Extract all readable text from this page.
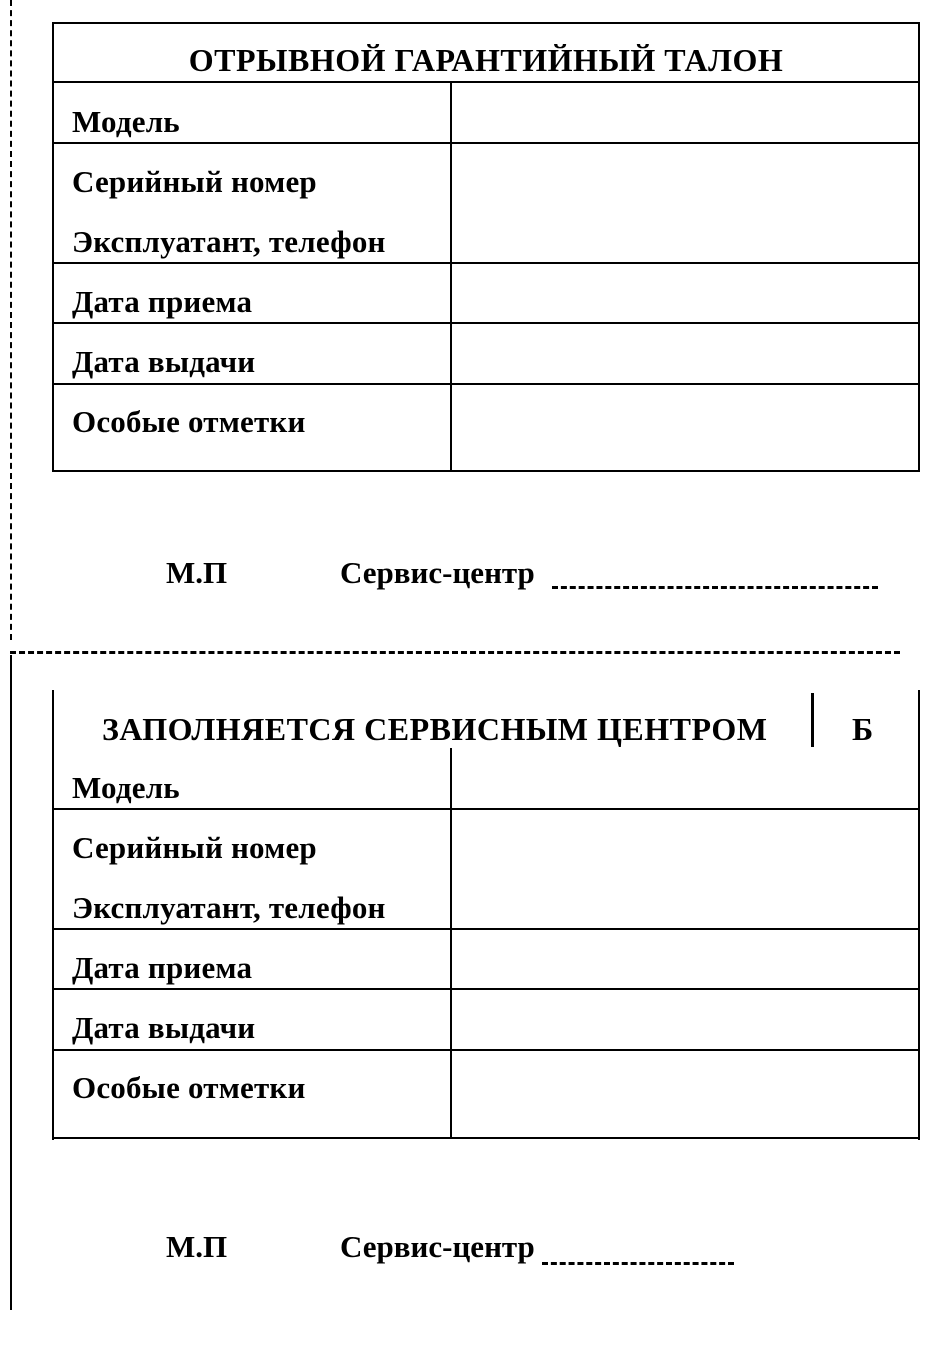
ОТРЫВНОЙ ГАРАНТИЙНЫЙ ТАЛОН
Модель
Серийный номер
Эксплуатант, телефон
Дата приема
Дата выдачи
Особые отметки
М.П	Сервис-центр
ЗАПОЛНЯЕТСЯ СЕРВИСНЫМ ЦЕНТРОМ	Б
Модель
Серийный номер
Эксплуатант, телефон
Дата приема
Дата выдачи
Особые отметки
М.П	Сервис-центр
